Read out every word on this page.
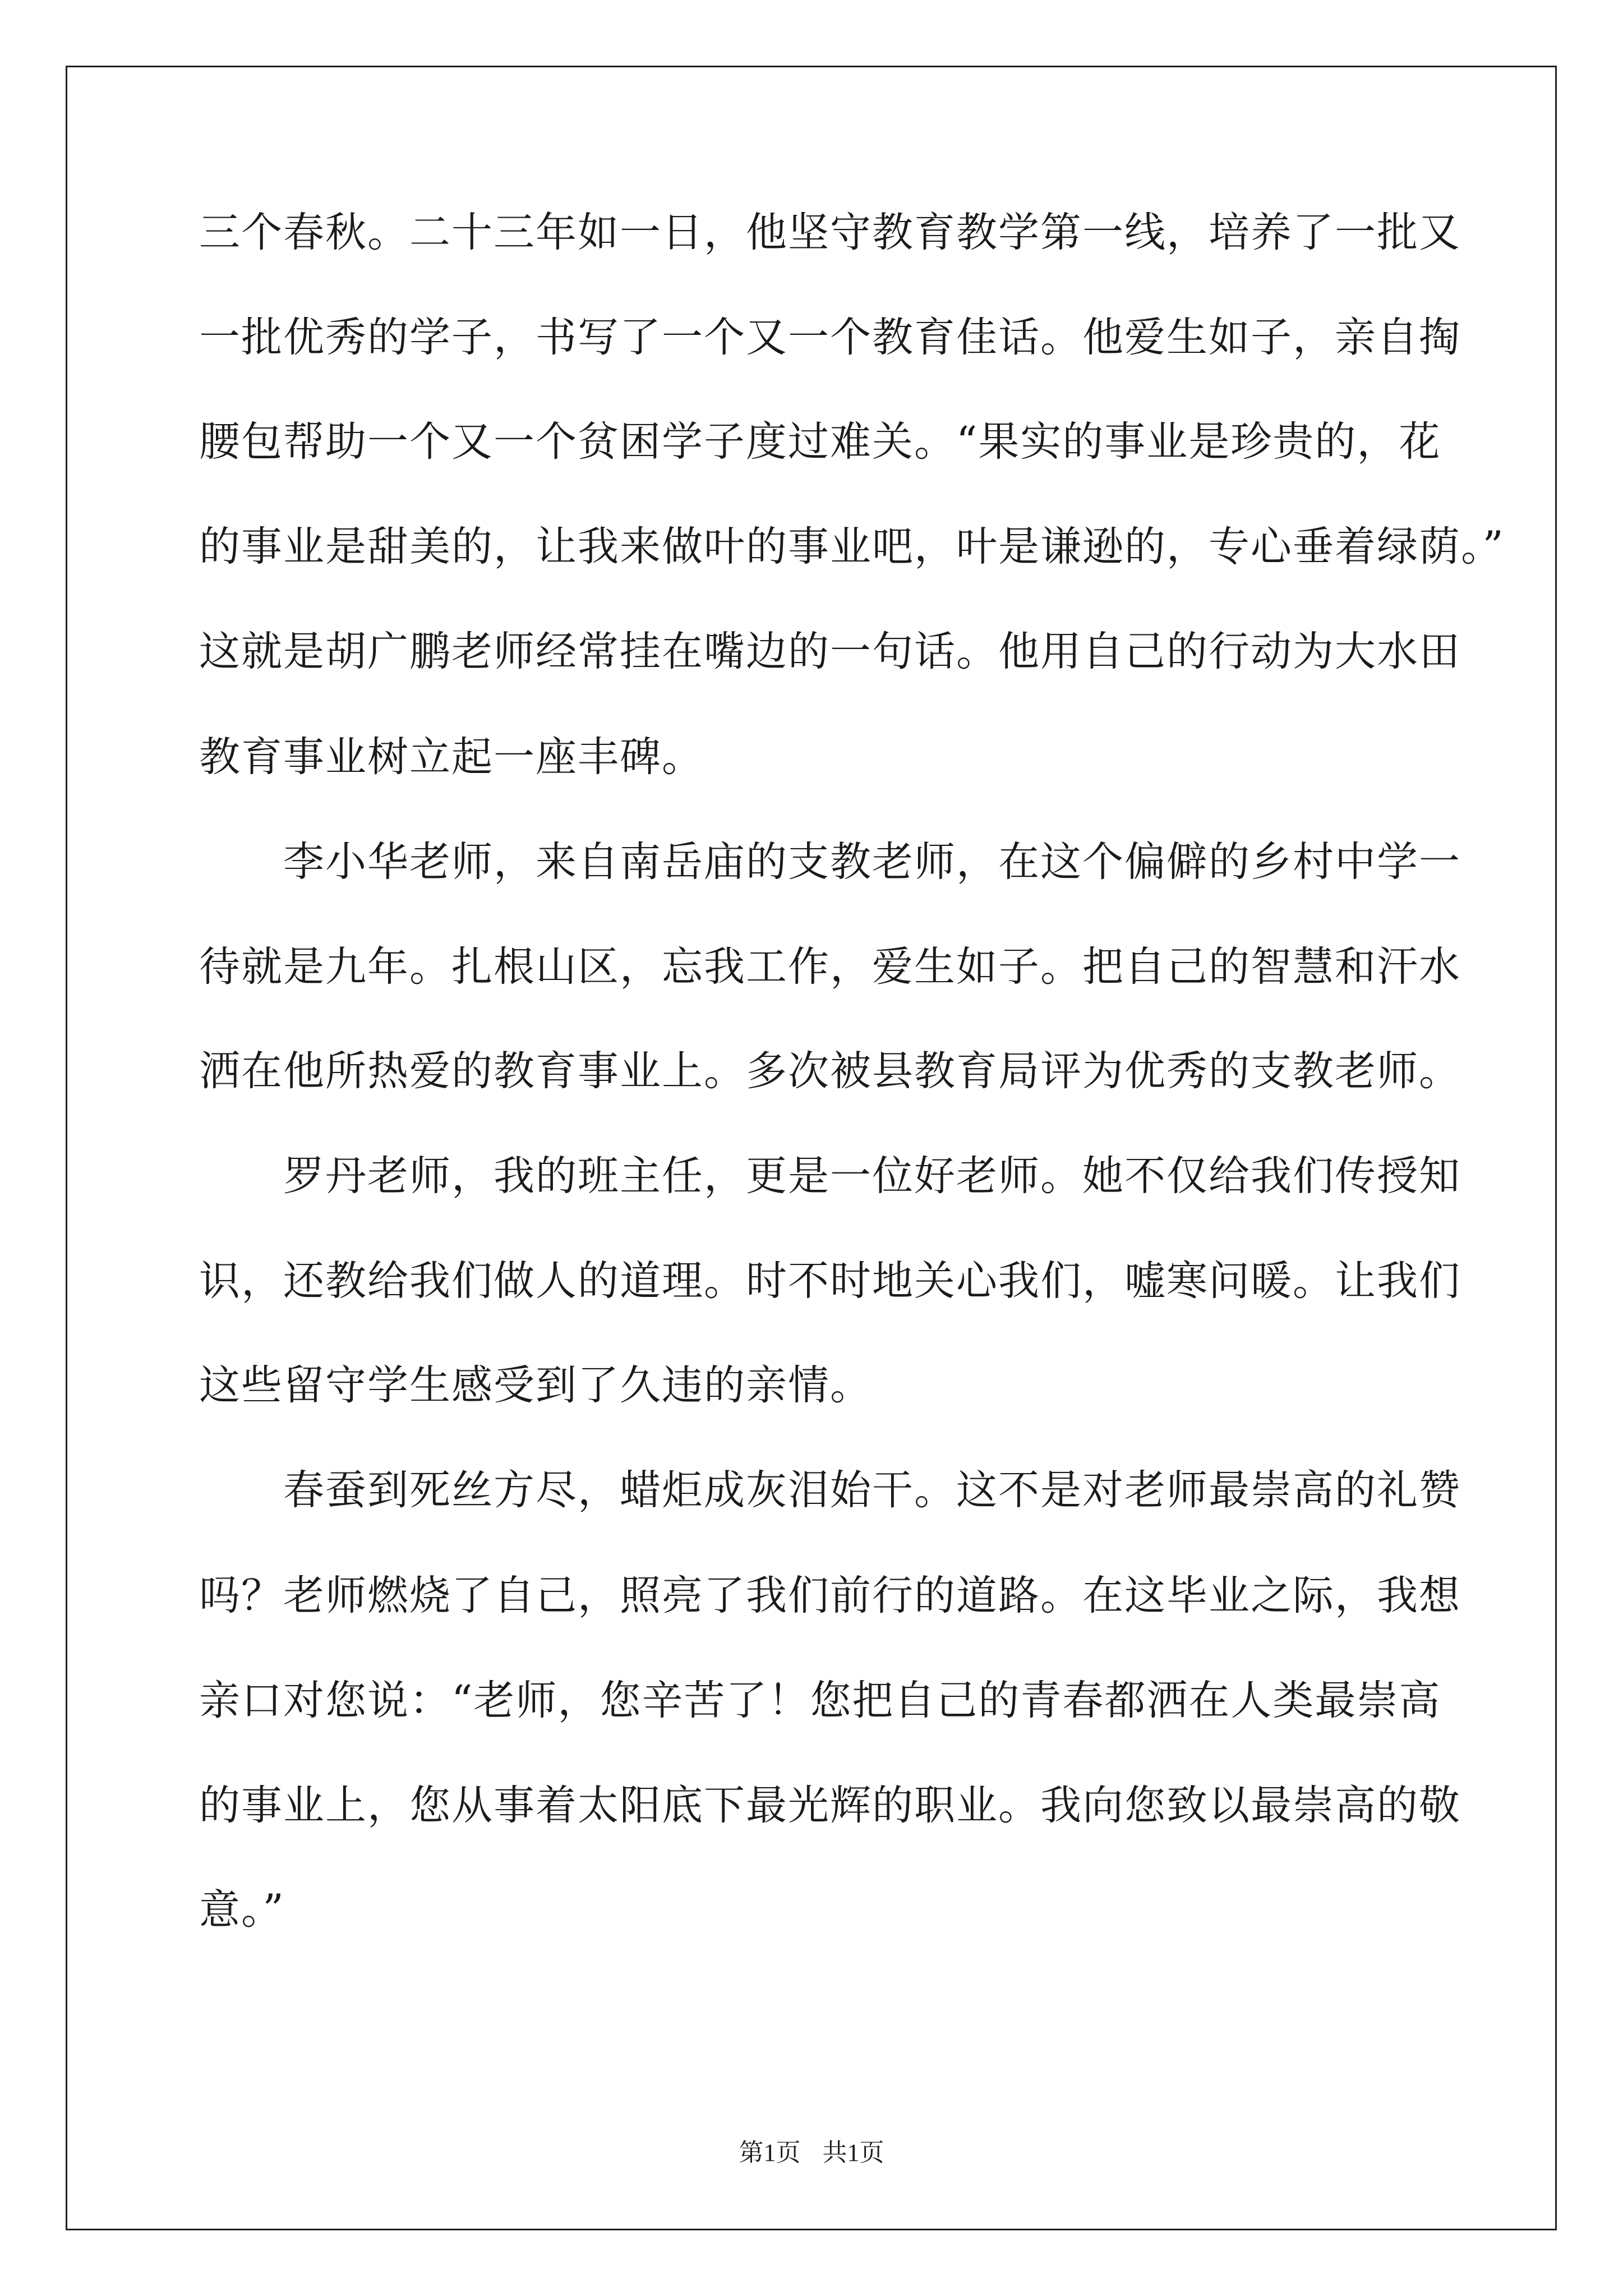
三个春秋。二十三年如一日，他坚守教育教学第一线，培养了一批又
一批优秀的学子，书写了一个又一个教育佳话。他爱生如子，亲自掏
腰包帮助一个又一个贫困学子度过难关。“果实的事业是珍贵的，花
的事业是甜美的，让我来做叶的事业吧，叶是谦逊的，专心垂着绿荫。”
这就是胡广鹏老师经常挂在嘴边的一句话。他用自己的行动为大水田
教育事业树立起一座丰碑。
　　李小华老师，来自南岳庙的支教老师，在这个偏僻的乡村中学一
待就是九年。扎根山区，忘我工作，爱生如子。把自己的智慧和汗水
洒在他所热爱的教育事业上。多次被县教育局评为优秀的支教老师。
　　罗丹老师，我的班主任，更是一位好老师。她不仅给我们传授知
识，还教给我们做人的道理。时不时地关心我们，嘘寒问暖。让我们
这些留守学生感受到了久违的亲情。
　　春蚕到死丝方尽，蜡炬成灰泪始干。这不是对老师最崇高的礼赞
吗？老师燃烧了自己，照亮了我们前行的道路。在这毕业之际，我想
亲口对您说：“老师，您辛苦了！您把自己的青春都洒在人类最崇高
的事业上，您从事着太阳底下最光辉的职业。我向您致以最崇高的敬
意。”
第1页 共1页
